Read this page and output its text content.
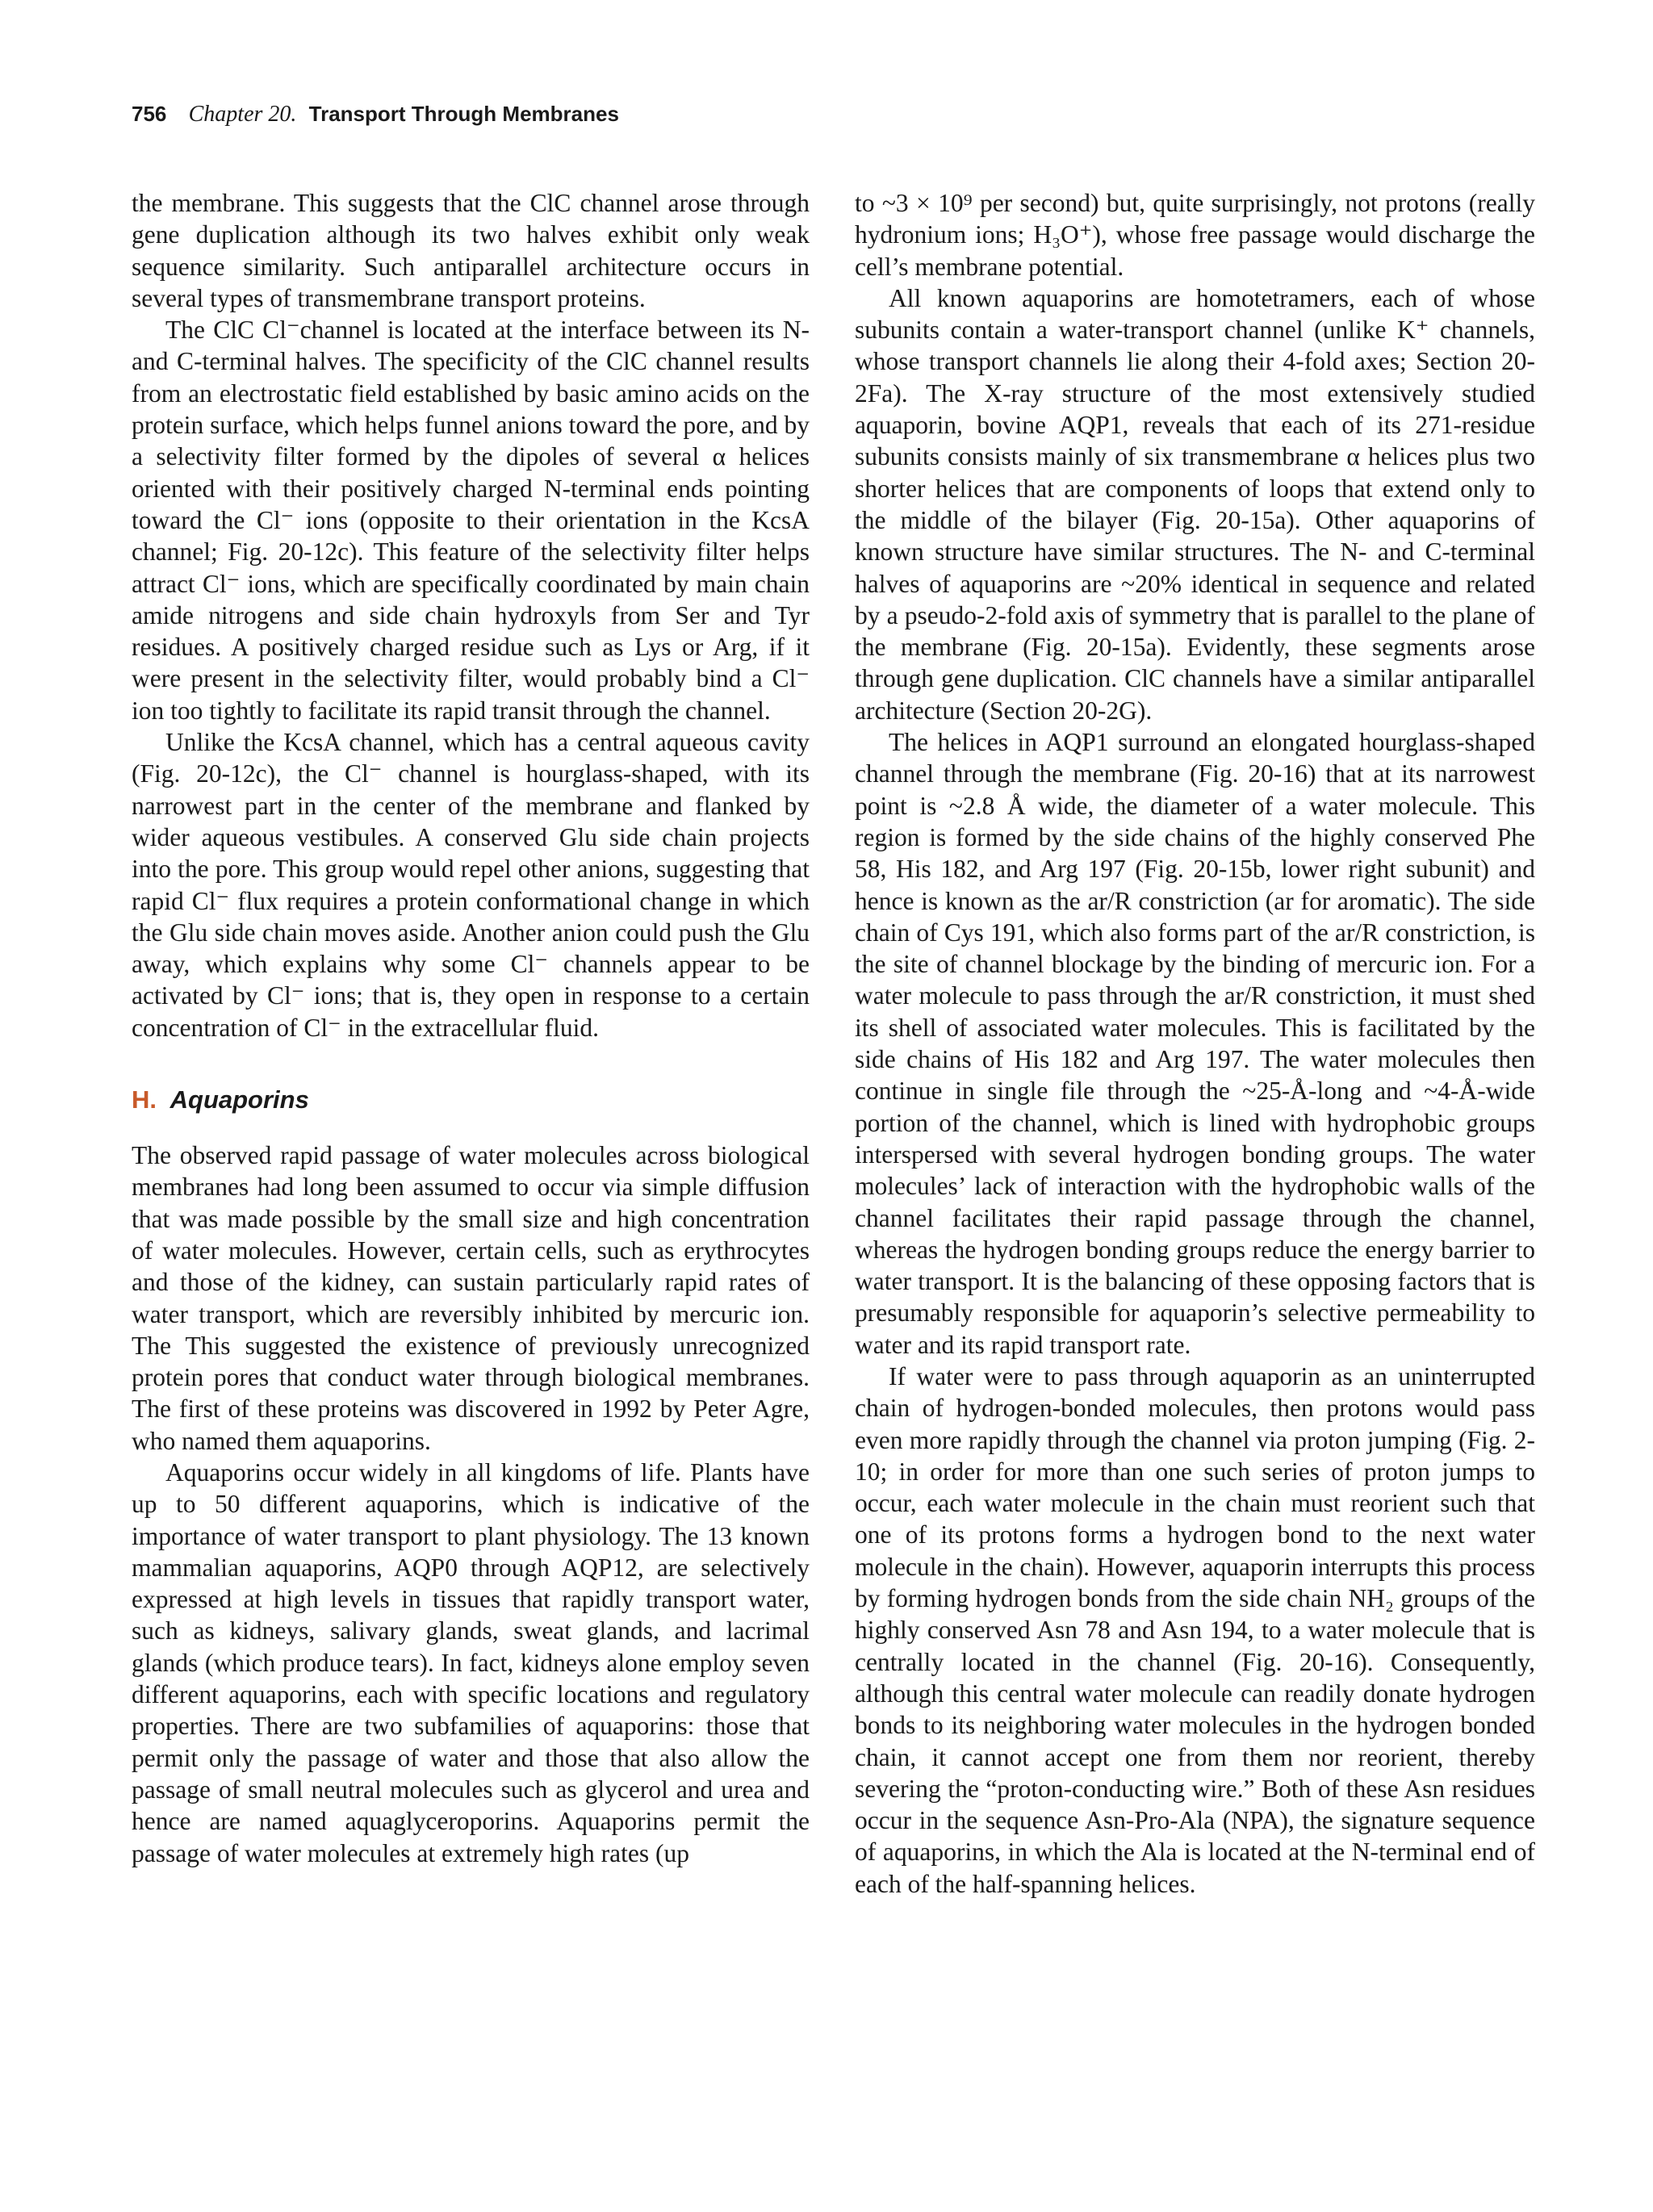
756 Chapter 20. Transport Through Membranes

the membrane. This suggests that the ClC channel arose through gene duplication although its two halves exhibit only weak sequence similarity. Such antiparallel architecture occurs in several types of transmembrane transport proteins.

The ClC Cl⁻channel is located at the interface between its N- and C-terminal halves. The specificity of the ClC channel results from an electrostatic field established by basic amino acids on the protein surface, which helps funnel anions toward the pore, and by a selectivity filter formed by the dipoles of several α helices oriented with their positively charged N-terminal ends pointing toward the Cl⁻ ions (opposite to their orientation in the KcsA channel; Fig. 20-12c). This feature of the selectivity filter helps attract Cl⁻ ions, which are specifically coordinated by main chain amide nitrogens and side chain hydroxyls from Ser and Tyr residues. A positively charged residue such as Lys or Arg, if it were present in the selectivity filter, would probably bind a Cl⁻ ion too tightly to facilitate its rapid transit through the channel.

Unlike the KcsA channel, which has a central aqueous cavity (Fig. 20-12c), the Cl⁻ channel is hourglass-shaped, with its narrowest part in the center of the membrane and flanked by wider aqueous vestibules. A conserved Glu side chain projects into the pore. This group would repel other anions, suggesting that rapid Cl⁻ flux requires a protein conformational change in which the Glu side chain moves aside. Another anion could push the Glu away, which explains why some Cl⁻ channels appear to be activated by Cl⁻ ions; that is, they open in response to a certain concentration of Cl⁻ in the extracellular fluid.

H. Aquaporins

The observed rapid passage of water molecules across biological membranes had long been assumed to occur via simple diffusion that was made possible by the small size and high concentration of water molecules. However, certain cells, such as erythrocytes and those of the kidney, can sustain particularly rapid rates of water transport, which are reversibly inhibited by mercuric ion. The This suggested the existence of previously unrecognized protein pores that conduct water through biological membranes. The first of these proteins was discovered in 1992 by Peter Agre, who named them aquaporins.

Aquaporins occur widely in all kingdoms of life. Plants have up to 50 different aquaporins, which is indicative of the importance of water transport to plant physiology. The 13 known mammalian aquaporins, AQP0 through AQP12, are selectively expressed at high levels in tissues that rapidly transport water, such as kidneys, salivary glands, sweat glands, and lacrimal glands (which produce tears). In fact, kidneys alone employ seven different aquaporins, each with specific locations and regulatory properties. There are two subfamilies of aquaporins: those that permit only the passage of water and those that also allow the passage of small neutral molecules such as glycerol and urea and hence are named aquaglyceroporins. Aquaporins permit the passage of water molecules at extremely high rates (up

to ~3 × 10⁹ per second) but, quite surprisingly, not protons (really hydronium ions; H₃O⁺), whose free passage would discharge the cell’s membrane potential.

All known aquaporins are homotetramers, each of whose subunits contain a water-transport channel (unlike K⁺ channels, whose transport channels lie along their 4-fold axes; Section 20-2Fa). The X-ray structure of the most extensively studied aquaporin, bovine AQP1, reveals that each of its 271-residue subunits consists mainly of six transmembrane α helices plus two shorter helices that are components of loops that extend only to the middle of the bilayer (Fig. 20-15a). Other aquaporins of known structure have similar structures. The N- and C-terminal halves of aquaporins are ~20% identical in sequence and related by a pseudo-2-fold axis of symmetry that is parallel to the plane of the membrane (Fig. 20-15a). Evidently, these segments arose through gene duplication. ClC channels have a similar antiparallel architecture (Section 20-2G).

The helices in AQP1 surround an elongated hourglass-shaped channel through the membrane (Fig. 20-16) that at its narrowest point is ~2.8 Å wide, the diameter of a water molecule. This region is formed by the side chains of the highly conserved Phe 58, His 182, and Arg 197 (Fig. 20-15b, lower right subunit) and hence is known as the ar/R constriction (ar for aromatic). The side chain of Cys 191, which also forms part of the ar/R constriction, is the site of channel blockage by the binding of mercuric ion. For a water molecule to pass through the ar/R constriction, it must shed its shell of associated water molecules. This is facilitated by the side chains of His 182 and Arg 197. The water molecules then continue in single file through the ~25-Å-long and ~4-Å-wide portion of the channel, which is lined with hydrophobic groups interspersed with several hydrogen bonding groups. The water molecules’ lack of interaction with the hydrophobic walls of the channel facilitates their rapid passage through the channel, whereas the hydrogen bonding groups reduce the energy barrier to water transport. It is the balancing of these opposing factors that is presumably responsible for aquaporin’s selective permeability to water and its rapid transport rate.

If water were to pass through aquaporin as an uninterrupted chain of hydrogen-bonded molecules, then protons would pass even more rapidly through the channel via proton jumping (Fig. 2-10; in order for more than one such series of proton jumps to occur, each water molecule in the chain must reorient such that one of its protons forms a hydrogen bond to the next water molecule in the chain). However, aquaporin interrupts this process by forming hydrogen bonds from the side chain NH₂ groups of the highly conserved Asn 78 and Asn 194, to a water molecule that is centrally located in the channel (Fig. 20-16). Consequently, although this central water molecule can readily donate hydrogen bonds to its neighboring water molecules in the hydrogen bonded chain, it cannot accept one from them nor reorient, thereby severing the “proton-conducting wire.” Both of these Asn residues occur in the sequence Asn-Pro-Ala (NPA), the signature sequence of aquaporins, in which the Ala is located at the N-terminal end of each of the half-spanning helices.
